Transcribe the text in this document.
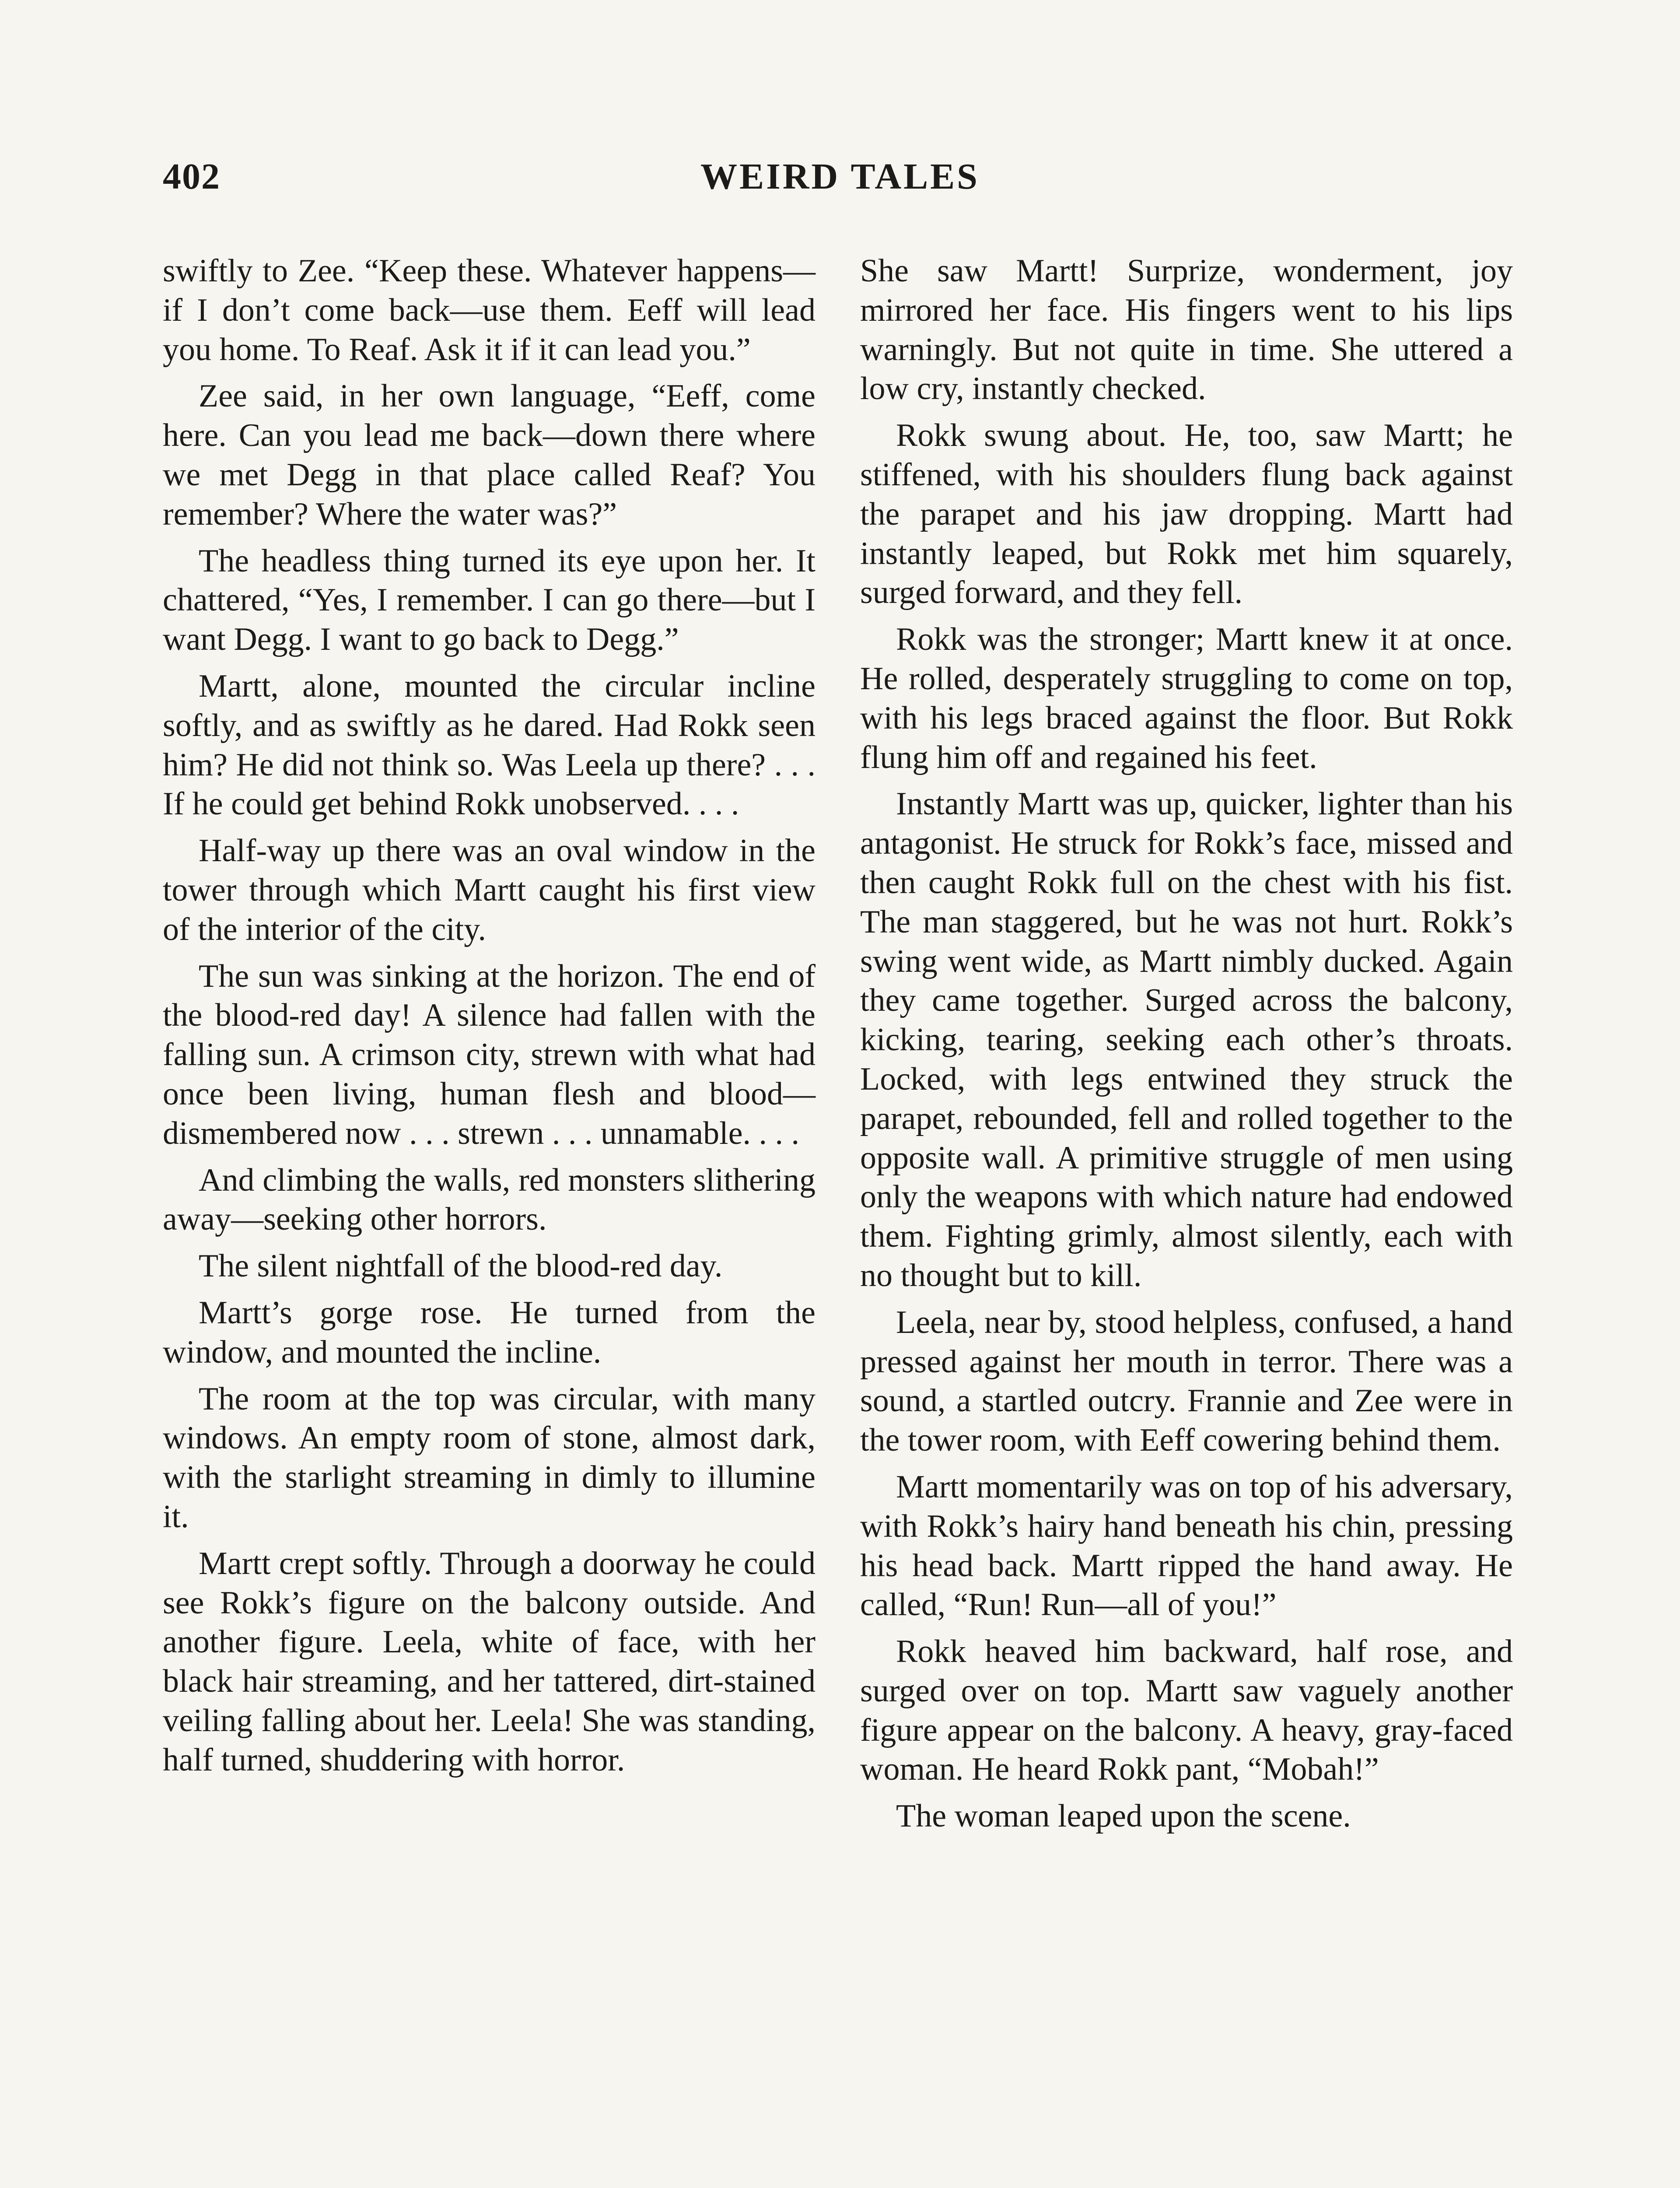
402	WEIRD TALES

swiftly to Zee. “Keep these. Whatever happens—if I don’t come back—use them. Eeff will lead you home. To Reaf. Ask it if it can lead you.”

Zee said, in her own language, “Eeff, come here. Can you lead me back—down there where we met Degg in that place called Reaf? You remember? Where the water was?”

The headless thing turned its eye upon her. It chattered, “Yes, I remember. I can go there—but I want Degg. I want to go back to Degg.”

Martt, alone, mounted the circular incline softly, and as swiftly as he dared. Had Rokk seen him? He did not think so. Was Leela up there? . . . If he could get behind Rokk unobserved. . . .

Half-way up there was an oval window in the tower through which Martt caught his first view of the interior of the city.

The sun was sinking at the horizon. The end of the blood-red day! A silence had fallen with the falling sun. A crimson city, strewn with what had once been living, human flesh and blood—dismembered now . . . strewn . . . unnamable. . . .

And climbing the walls, red monsters slithering away—seeking other horrors.

The silent nightfall of the blood-red day.

Martt’s gorge rose. He turned from the window, and mounted the incline.

The room at the top was circular, with many windows. An empty room of stone, almost dark, with the starlight streaming in dimly to illumine it.

Martt crept softly. Through a doorway he could see Rokk’s figure on the balcony outside. And another figure. Leela, white of face, with her black hair streaming, and her tattered, dirt-stained veiling falling about her. Leela! She was standing, half turned, shuddering with horror.

She saw Martt! Surprize, wonderment, joy mirrored her face. His fingers went to his lips warningly. But not quite in time. She uttered a low cry, instantly checked.

Rokk swung about. He, too, saw Martt; he stiffened, with his shoulders flung back against the parapet and his jaw dropping. Martt had instantly leaped, but Rokk met him squarely, surged forward, and they fell.

Rokk was the stronger; Martt knew it at once. He rolled, desperately struggling to come on top, with his legs braced against the floor. But Rokk flung him off and regained his feet.

Instantly Martt was up, quicker, lighter than his antagonist. He struck for Rokk’s face, missed and then caught Rokk full on the chest with his fist. The man staggered, but he was not hurt. Rokk’s swing went wide, as Martt nimbly ducked. Again they came together. Surged across the balcony, kicking, tearing, seeking each other’s throats. Locked, with legs entwined they struck the parapet, rebounded, fell and rolled together to the opposite wall. A primitive struggle of men using only the weapons with which nature had endowed them. Fighting grimly, almost silently, each with no thought but to kill.

Leela, near by, stood helpless, confused, a hand pressed against her mouth in terror. There was a sound, a startled outcry. Frannie and Zee were in the tower room, with Eeff cowering behind them.

Martt momentarily was on top of his adversary, with Rokk’s hairy hand beneath his chin, pressing his head back. Martt ripped the hand away. He called, “Run! Run—all of you!”

Rokk heaved him backward, half rose, and surged over on top. Martt saw vaguely another figure appear on the balcony. A heavy, gray-faced woman. He heard Rokk pant, “Mobah!”

The woman leaped upon the scene.
